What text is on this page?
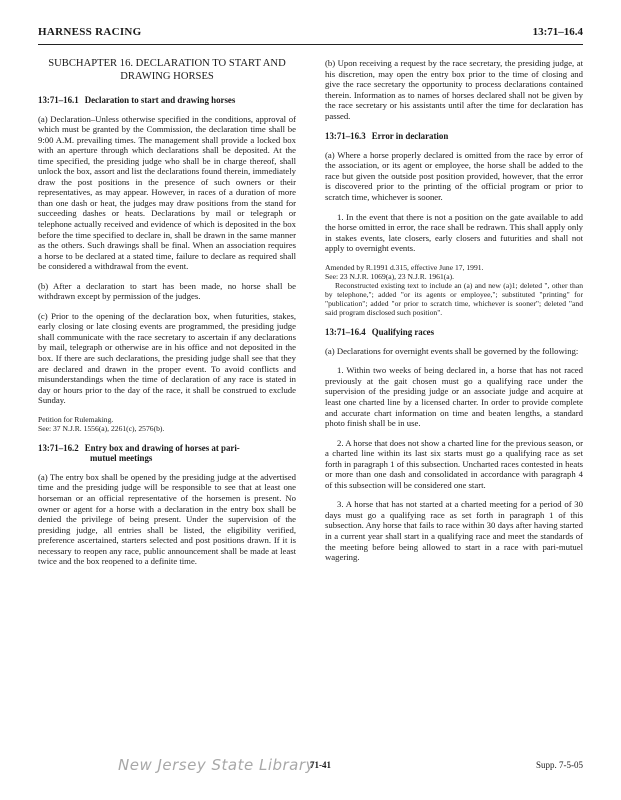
HARNESS RACING	13:71–16.4
SUBCHAPTER 16. DECLARATION TO START AND DRAWING HORSES
13:71–16.1 Declaration to start and drawing horses

(a) Declaration–Unless otherwise specified in the conditions, approval of which must be granted by the Commission, the declaration time shall be 9:00 A.M. prevailing times. The management shall provide a locked box with an aperture through which declarations shall be deposited. At the time specified, the presiding judge who shall be in charge thereof, shall unlock the box, assort and list the declarations found therein, immediately draw the post positions in the presence of such owners or their representatives, as may appear. However, in races of a duration of more than one dash or heat, the judges may draw positions from the stand for succeeding dashes or heats. Declarations by mail or telegraph or telephone actually received and evidence of which is deposited in the box before the time specified to declare in, shall be drawn in the same manner as the others. Such drawings shall be final. When an association requires a horse to be declared at a stated time, failure to declare as required shall be considered a withdrawal from the event.

(b) After a declaration to start has been made, no horse shall be withdrawn except by permission of the judges.

(c) Prior to the opening of the declaration box, when futurities, stakes, early closing or late closing events are programmed, the presiding judge shall communicate with the race secretary to ascertain if any declarations by mail, telegraph or otherwise are in his office and not deposited in the box. If there are such declarations, the presiding judge shall see that they are declared and drawn in the proper event. To avoid conflicts and misunderstandings when the time of declaration of any race is stated in day or hours prior to the day of the race, it shall be construed to exclude Sunday.

Petition for Rulemaking.
See: 37 N.J.R. 1556(a), 2261(c), 2576(b).
13:71–16.2 Entry box and drawing of horses at pari-
mutuel meetings

(a) The entry box shall be opened by the presiding judge at the advertised time and the presiding judge will be responsible to see that at least one horseman or an official representative of the horsemen is present. No owner or agent for a horse with a declaration in the entry box shall be denied the privilege of being present. Under the supervision of the presiding judge, all entries shall be listed, the eligibility verified, preference ascertained, starters selected and post positions drawn. If it is necessary to reopen any race, public announcement shall be made at least twice and the box reopened to a definite time.

(b) Upon receiving a request by the race secretary, the presiding judge, at his discretion, may open the entry box prior to the time of closing and give the race secretary the opportunity to process declarations contained therein. Information as to names of horses declared shall not be given by the race secretary or his assistants until after the time for declaration has passed.

13:71–16.3 Error in declaration

(a) Where a horse properly declared is omitted from the race by error of the association, or its agent or employee, the horse shall be added to the race but given the outside post position provided, however, that the error is discovered prior to the printing of the official program or prior to scratch time, whichever is sooner.

1. In the event that there is not a position on the gate available to add the horse omitted in error, the race shall be redrawn. This shall apply only in stakes events, late closers, early closers and futurities and shall not apply to overnight events.

Amended by R.1991 d.315, effective June 17, 1991.
See: 23 N.J.R. 1069(a), 23 N.J.R. 1961(a).
Reconstructed existing text to include an (a) and new (a)1; deleted ", other than by telephone,"; added "or its agents or employee,"; substituted "printing" for "publication"; added "or prior to scratch time, whichever is sooner"; deleted "and said program disclosed such position".
13:71–16.4 Qualifying races

(a) Declarations for overnight events shall be governed by the following:

1. Within two weeks of being declared in, a horse that has not raced previously at the gait chosen must go a qualifying race under the supervision of the presiding judge or an associate judge and acquire at least one charted line by a licensed charter. In order to provide complete and accurate chart information on time and beaten lengths, a standard photo finish shall be in use.

2. A horse that does not show a charted line for the previous season, or a charted line within its last six starts must go a qualifying race as set forth in paragraph 1 of this subsection. Uncharted races contested in heats or more than one dash and consolidated in accordance with paragraph 4 of this subsection will be considered one start.

3. A horse that has not started at a charted meeting for a period of 30 days must go a qualifying race as set forth in paragraph 1 of this subsection. Any horse that fails to race within 30 days after having started in a current year shall start in a qualifying race and meet the standards of the meeting before being allowed to start in a race with pari-mutuel wagering.

New Jersey State Library
71-41	Supp. 7-5-05
